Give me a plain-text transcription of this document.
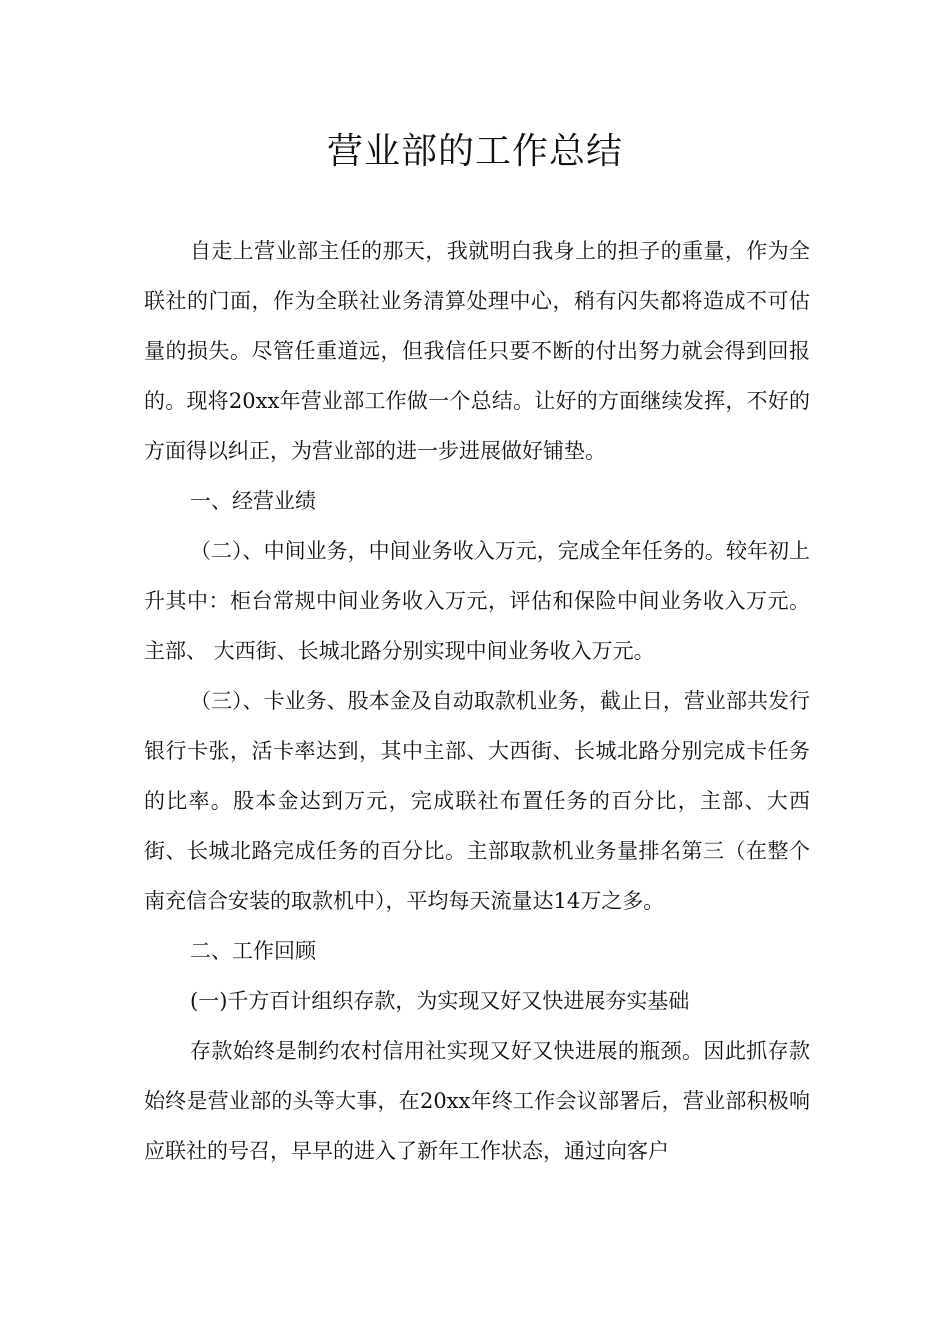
营业部的工作总结

自走上营业部主任的那天，我就明白我身上的担子的重量，作为全联社的门面，作为全联社业务清算处理中心，稍有闪失都将造成不可估量的损失。尽管任重道远，但我信任只要不断的付出努力就会得到回报的。现将20xx年营业部工作做一个总结。让好的方面继续发挥，不好的方面得以纠正，为营业部的进一步进展做好铺垫。

一、经营业绩

（二）、中间业务，中间业务收入万元，完成全年任务的。较年初上升其中：柜台常规中间业务收入万元，评估和保险中间业务收入万元。主部、 大西街、长城北路分别实现中间业务收入万元。

（三）、卡业务、股本金及自动取款机业务，截止日，营业部共发行银行卡张，活卡率达到，其中主部、大西街、长城北路分别完成卡任务的比率。股本金达到万元，完成联社布置任务的百分比，主部、大西街、长城北路完成任务的百分比。主部取款机业务量排名第三（在整个南充信合安装的取款机中），平均每天流量达14万之多。

二、工作回顾

(一)千方百计组织存款，为实现又好又快进展夯实基础

存款始终是制约农村信用社实现又好又快进展的瓶颈。因此抓存款始终是营业部的头等大事，在20xx年终工作会议部署后，营业部积极响应联社的号召，早早的进入了新年工作状态，通过向客户
